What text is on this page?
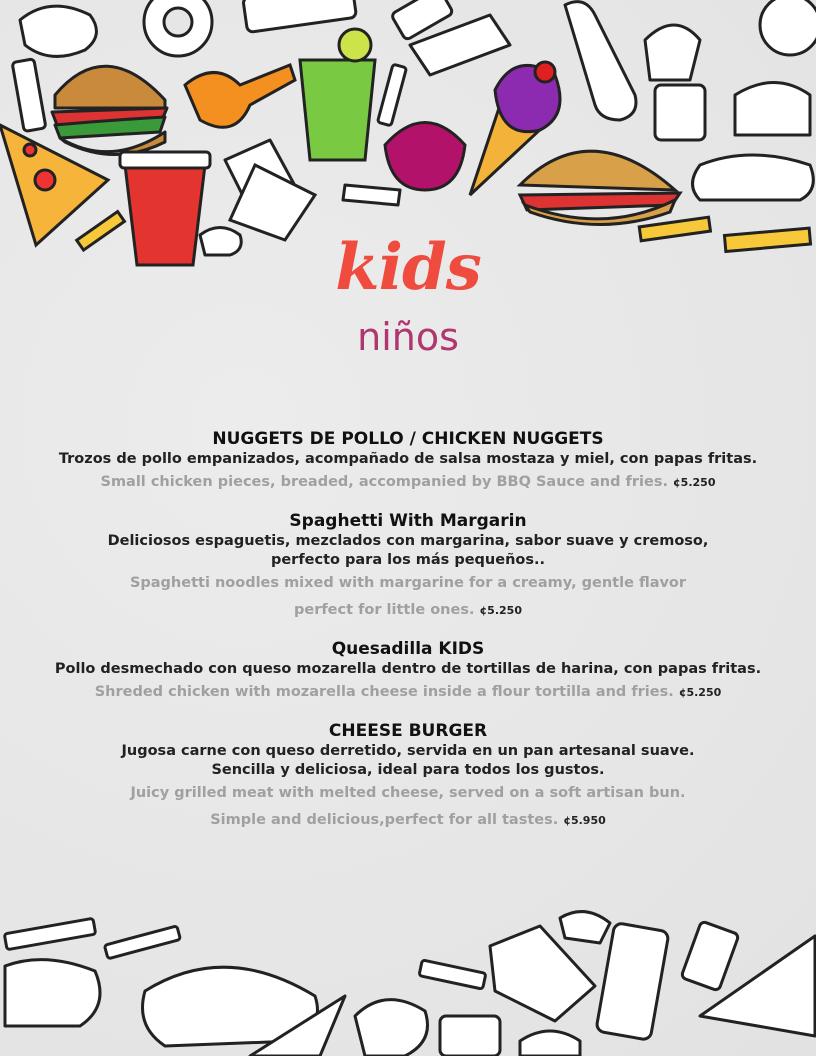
kids
niños

NUGGETS DE POLLO / CHICKEN NUGGETS

Trozos de pollo empanizados, acompañado de salsa mostaza y miel, con papas fritas.

Small chicken pieces, breaded, accompanied by BBQ Sauce and fries. ¢5.250

Spaghetti With Margarin

Deliciosos espaguetis, mezclados con margarina, sabor suave y cremoso,
perfecto para los más pequeños..

Spaghetti noodles mixed with margarine for a creamy, gentle flavor
perfect for little ones. ¢5.250

Quesadilla KIDS

Pollo desmechado con queso mozarella dentro de tortillas de harina, con papas fritas.

Shreded chicken with mozarella cheese inside a flour tortilla and fries. ¢5.250

CHEESE BURGER

Jugosa carne con queso derretido, servida en un pan artesanal suave.
Sencilla y deliciosa, ideal para todos los gustos.

Juicy grilled meat with melted cheese, served on a soft artisan bun.
Simple and delicious,perfect for all tastes. ¢5.950
